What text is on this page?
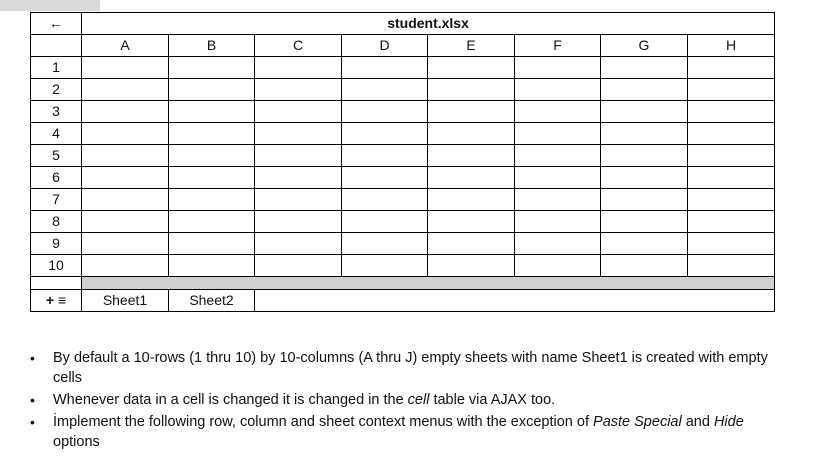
←	student.xlsx							
	A	B	C	D	E	F	G	H
1								
2								
3								
4								
5								
6								
7								
8								
9								
10								

+ ≡	Sheet1	Sheet2						
• By default a 10-rows (1 thru 10) by 10-columns (A thru J) empty sheets with name Sheet1 is created with empty cells
• Whenever data in a cell is changed it is changed in the cell table via AJAX too.
• İmplement the following row, column and sheet context menus with the exception of Paste Special and Hide options
